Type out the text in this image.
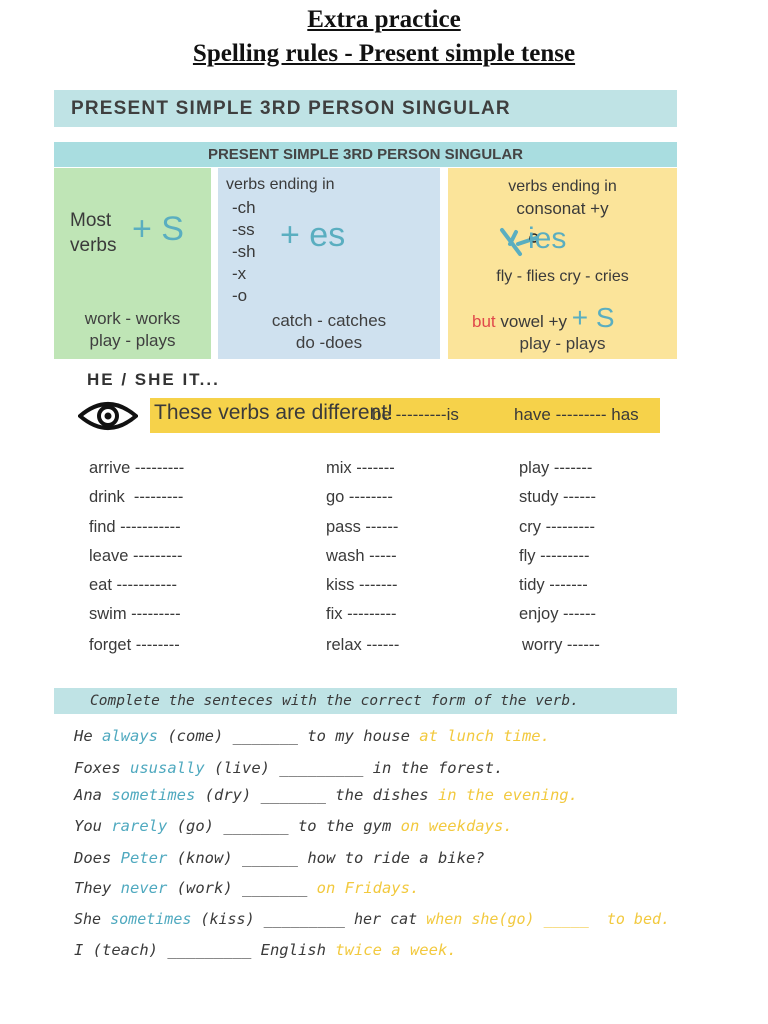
Extra practice
Spelling rules - Present simple tense
PRESENT SIMPLE 3RD PERSON SINGULAR
PRESENT SIMPLE 3RD PERSON SINGULAR
Most
verbs + S
work - works
play - plays
verbs ending in
-ch
-ss
-sh
-x
-o
+ es
catch - catches
do -does
verbs ending in
consonat +y
ies
fly - flies cry - cries
but vowel +y + S
play - plays
HE / SHE IT...
These verbs are different!
be ---------is	have --------- has
arrive ---------
drink  ---------
find -----------
leave ---------
eat -----------
swim ---------
forget --------
mix -------
go --------
pass ------
wash -----
kiss -------
fix ---------
relax ------
play -------
study ------
cry ---------
fly ---------
tidy -------
enjoy ------
worry ------
Complete the senteces with the correct form of the verb.
He always (come) _______ to my house at lunch time.
Foxes ususally (live) _________ in the forest.
Ana sometimes (dry) _______ the dishes in the evening.
You rarely (go) _______ to the gym on weekdays.
Does Peter (know) ______ how to ride a bike?
They never (work) _______ on Fridays.
She sometimes (kiss) _________ her cat when she(go) _____  to bed.
I (teach) _________ English twice a week.
